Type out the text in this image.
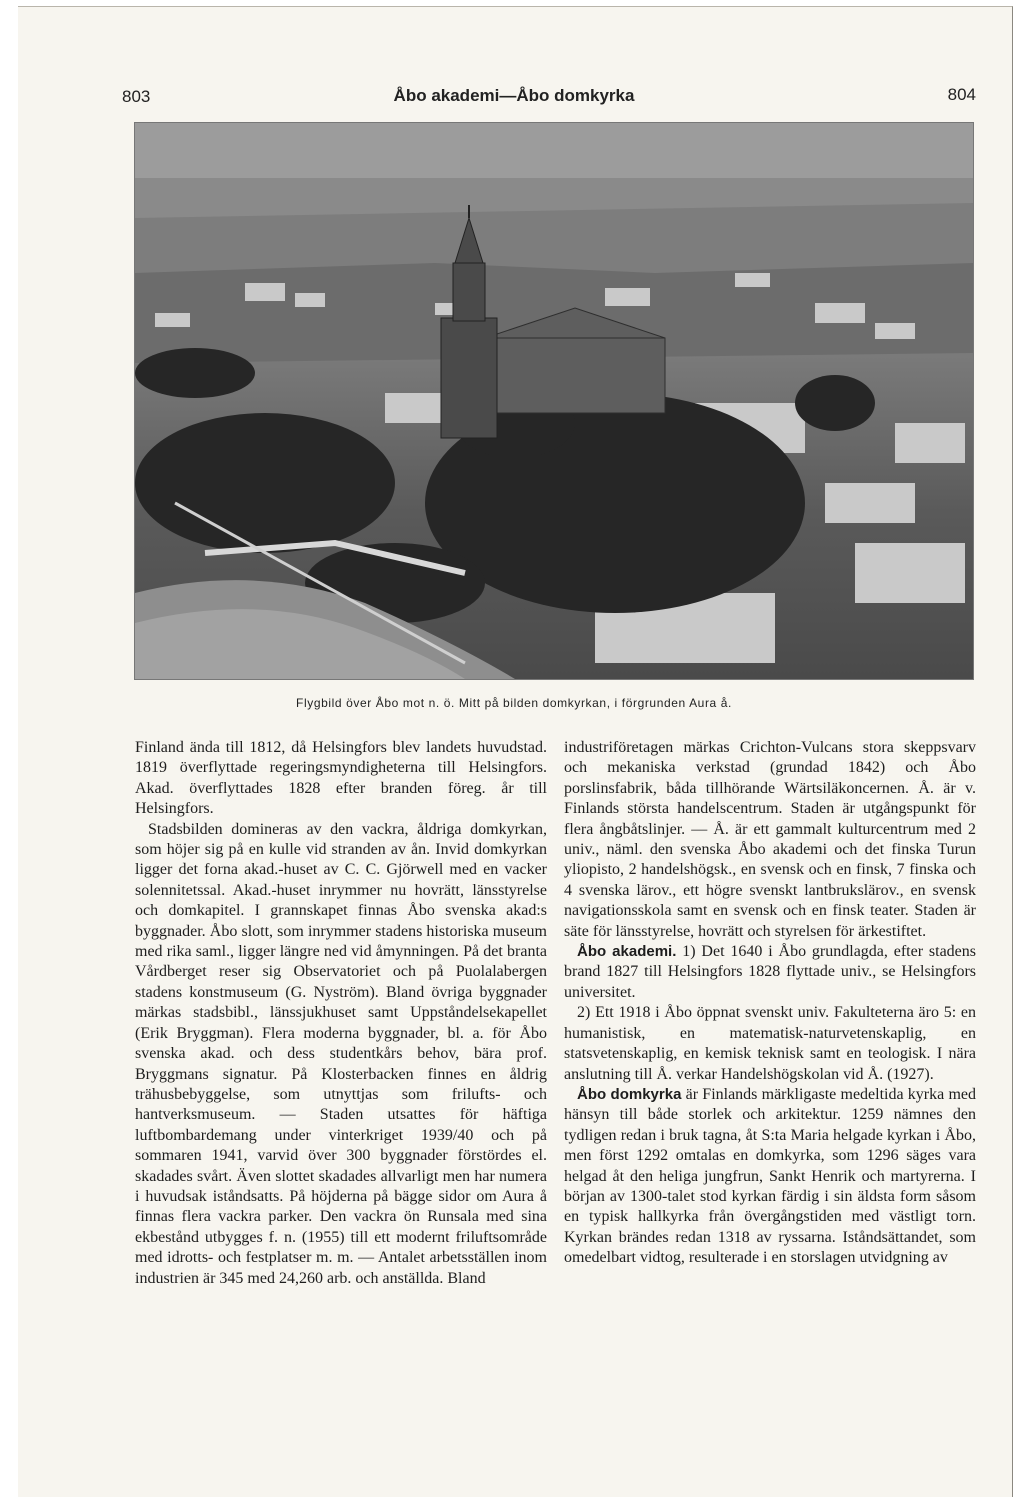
803	Åbo akademi—Åbo domkyrka	804
Flygbild över Åbo mot n. ö. Mitt på bilden domkyrkan, i förgrunden Aura å.

Finland ända till 1812, då Helsingfors blev landets huvudstad. 1819 överflyttade regeringsmyndigheterna till Helsingfors. Akad. överflyttades 1828 efter branden föreg. år till Helsingfors.

Stadsbilden domineras av den vackra, åldriga domkyrkan, som höjer sig på en kulle vid stranden av ån. Invid domkyrkan ligger det forna akad.-huset av C. C. Gjörwell med en vacker solennitetssal. Akad.-huset inrymmer nu hovrätt, länsstyrelse och domkapitel. I grannskapet finnas Åbo svenska akad:s byggnader. Åbo slott, som inrymmer stadens historiska museum med rika saml., ligger längre ned vid åmynningen. På det branta Vårdberget reser sig Observatoriet och på Puolalabergen stadens konstmuseum (G. Nyström). Bland övriga byggnader märkas stadsbibl., länssjukhuset samt Uppståndelsekapellet (Erik Bryggman). Flera moderna byggnader, bl. a. för Åbo svenska akad. och dess studentkårs behov, bära prof. Bryggmans signatur. På Klosterbacken finnes en åldrig trähusbebyggelse, som utnyttjas som frilufts- och hantverksmuseum. — Staden utsattes för häftiga luftbombardemang under vinterkriget 1939/40 och på sommaren 1941, varvid över 300 byggnader förstördes el. skadades svårt. Även slottet skadades allvarligt men har numera i huvudsak iståndsatts. På höjderna på bägge sidor om Aura å finnas flera vackra parker. Den vackra ön Runsala med sina ekbestånd utbygges f. n. (1955) till ett modernt friluftsområde med idrotts- och festplatser m. m. — Antalet arbetsställen inom industrien är 345 med 24,260 arb. och anställda. Bland

industriföretagen märkas Crichton-Vulcans stora skeppsvarv och mekaniska verkstad (grundad 1842) och Åbo porslinsfabrik, båda tillhörande Wärtsiläkoncernen. Å. är v. Finlands största handelscentrum. Staden är utgångspunkt för flera ångbåtslinjer. — Å. är ett gammalt kulturcentrum med 2 univ., näml. den svenska Åbo akademi och det finska Turun yliopisto, 2 handelshögsk., en svensk och en finsk, 7 finska och 4 svenska lärov., ett högre svenskt lantbrukslärov., en svensk navigationsskola samt en svensk och en finsk teater. Staden är säte för länsstyrelse, hovrätt och styrelsen för ärkestiftet.

Åbo akademi. 1) Det 1640 i Åbo grundlagda, efter stadens brand 1827 till Helsingfors 1828 flyttade univ., se Helsingfors universitet.

2) Ett 1918 i Åbo öppnat svenskt univ. Fakulteterna äro 5: en humanistisk, en matematisk-naturvetenskaplig, en statsvetenskaplig, en kemisk teknisk samt en teologisk. I nära anslutning till Å. verkar Handelshögskolan vid Å. (1927).

Åbo domkyrka är Finlands märkligaste medeltida kyrka med hänsyn till både storlek och arkitektur. 1259 nämnes den tydligen redan i bruk tagna, åt S:ta Maria helgade kyrkan i Åbo, men först 1292 omtalas en domkyrka, som 1296 säges vara helgad åt den heliga jungfrun, Sankt Henrik och martyrerna. I början av 1300-talet stod kyrkan färdig i sin äldsta form såsom en typisk hallkyrka från övergångstiden med västligt torn. Kyrkan brändes redan 1318 av ryssarna. Iståndsättandet, som omedelbart vidtog, resulterade i en storslagen utvidgning av
